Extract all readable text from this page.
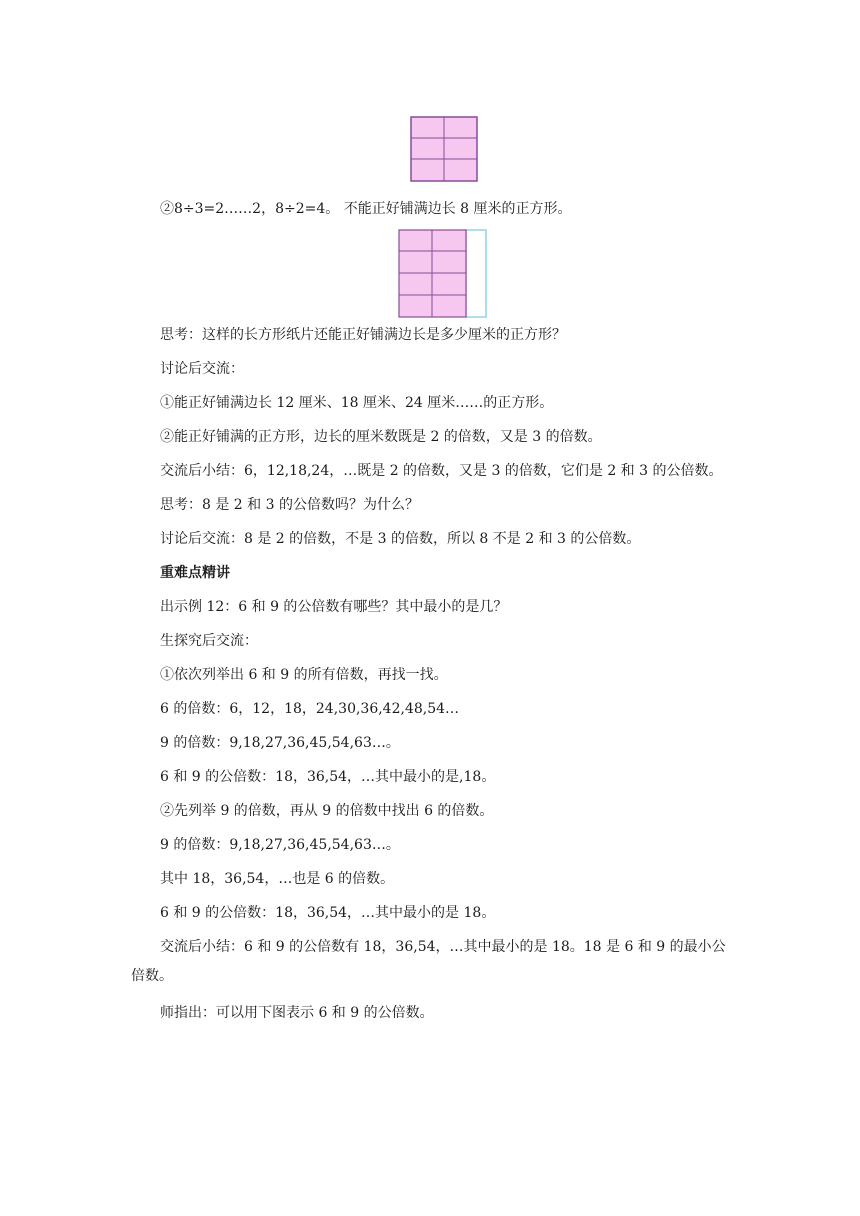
②8÷3=2……2，8÷2=4。 不能正好铺满边长 8 厘米的正方形。
思考：这样的长方形纸片还能正好铺满边长是多少厘米的正方形？
讨论后交流：
①能正好铺满边长 12 厘米、18 厘米、24 厘米……的正方形。
②能正好铺满的正方形，边长的厘米数既是 2 的倍数，又是 3 的倍数。
交流后小结：6，12,18,24，…既是 2 的倍数，又是 3 的倍数，它们是 2 和 3 的公倍数。
思考：8 是 2 和 3 的公倍数吗？为什么？
讨论后交流：8 是 2 的倍数，不是 3 的倍数，所以 8 不是 2 和 3 的公倍数。
重难点精讲
出示例 12：6 和 9 的公倍数有哪些？其中最小的是几？
生探究后交流：
①依次列举出 6 和 9 的所有倍数，再找一找。
6 的倍数：6，12，18，24,30,36,42,48,54…
9 的倍数：9,18,27,36,45,54,63…。
6 和 9 的公倍数：18，36,54，…其中最小的是,18。
②先列举 9 的倍数，再从 9 的倍数中找出 6 的倍数。
9 的倍数：9,18,27,36,45,54,63…。
其中 18，36,54，…也是 6 的倍数。
6 和 9 的公倍数：18，36,54，…其中最小的是 18。
交流后小结：6 和 9 的公倍数有 18，36,54，…其中最小的是 18。18 是 6 和 9 的最小公
倍数。
师指出：可以用下图表示 6 和 9 的公倍数。
